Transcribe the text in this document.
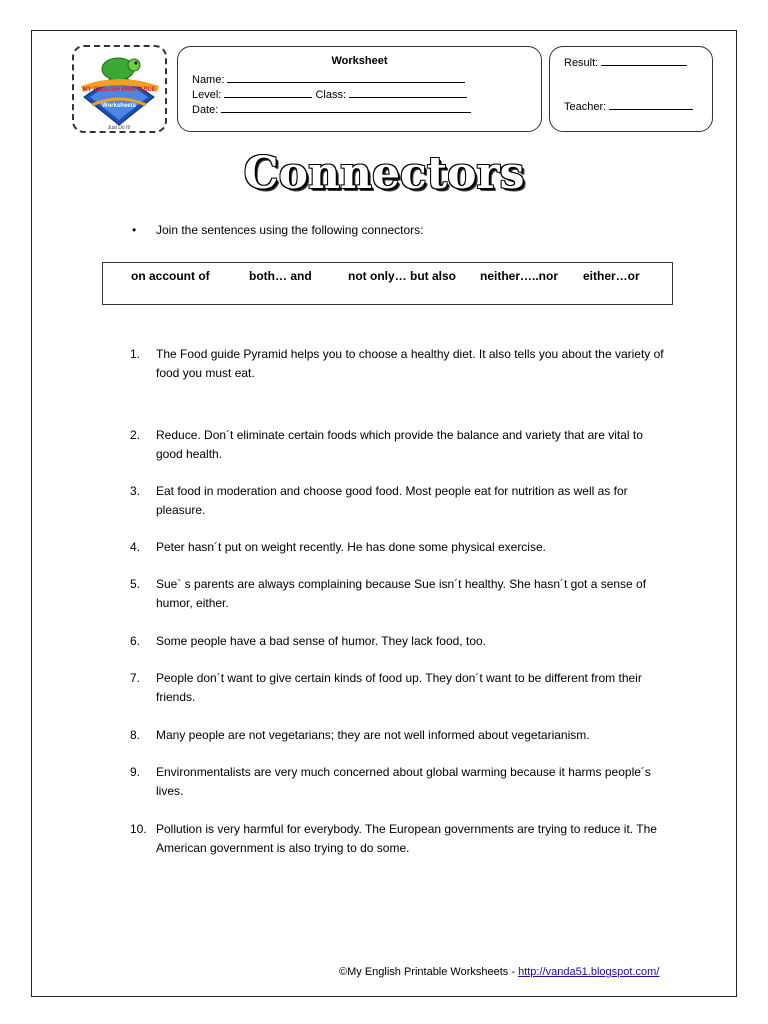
MY ENGLISH PRINTABLE
Worksheets
Just Do It!
Worksheet
Name:
Level:	Class:
Date:
Result:
Teacher:
Connectors
• Join the sentences using the following connectors:
on account of	both… and	not only… but also neither…..nor either…or
1. The Food guide Pyramid helps you to choose a healthy diet. It also tells you about the variety of food you must eat.
2. Reduce. Don´t eliminate certain foods which provide the balance and variety that are vital to good health.
3. Eat food in moderation and choose good food. Most people eat for nutrition as well as for pleasure.
4. Peter hasn´t put on weight recently. He has done some physical exercise.
5. Sue` s parents are always complaining because Sue isn´t healthy. She hasn´t got a sense of humor, either.
6. Some people have a bad sense of humor. They lack food, too.
7. People don´t want to give certain kinds of food up. They don´t want to be different from their friends.
8. Many people are not vegetarians; they are not well informed about vegetarianism.
9. Environmentalists are very much concerned about global warming because it harms people´s lives.
10. Pollution is very harmful for everybody. The European governments are trying to reduce it. The American government is also trying to do some.
©My English Printable Worksheets - http://vanda51.blogspot.com/
